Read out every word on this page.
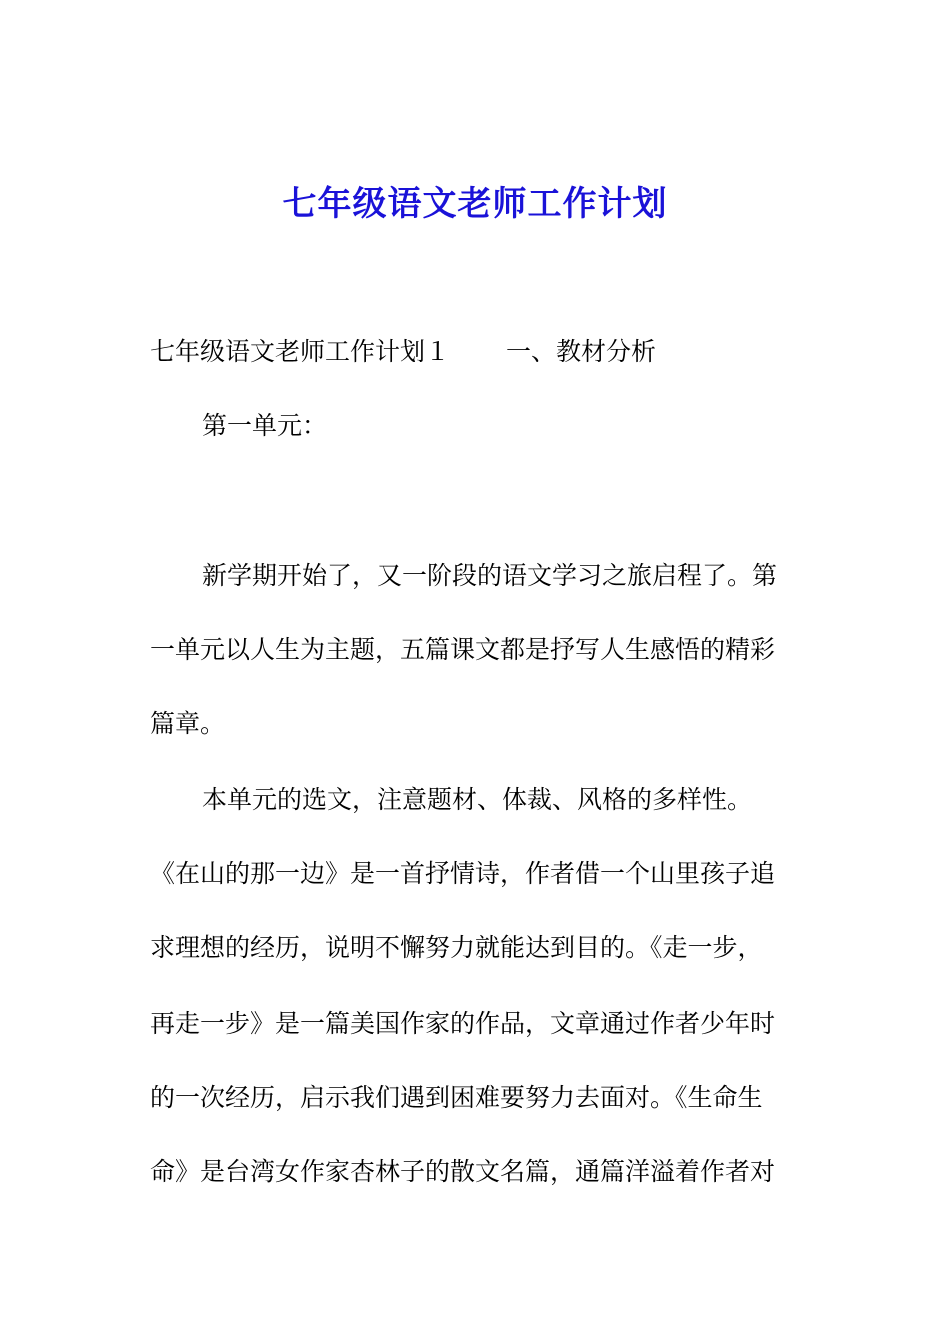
七年级语文老师工作计划
七年级语文老师工作计划１ 一、教材分析
第一单元：
新学期开始了，又一阶段的语文学习之旅启程了。第
一单元以人生为主题，五篇课文都是抒写人生感悟的精彩
篇章。
本单元的选文，注意题材、体裁、风格的多样性。
《在山的那一边》是一首抒情诗，作者借一个山里孩子追
求理想的经历，说明不懈努力就能达到目的。《走一步，
再走一步》是一篇美国作家的作品，文章通过作者少年时
的一次经历，启示我们遇到困难要努力去面对。《生命生
命》是台湾女作家杏林子的散文名篇，通篇洋溢着作者对
